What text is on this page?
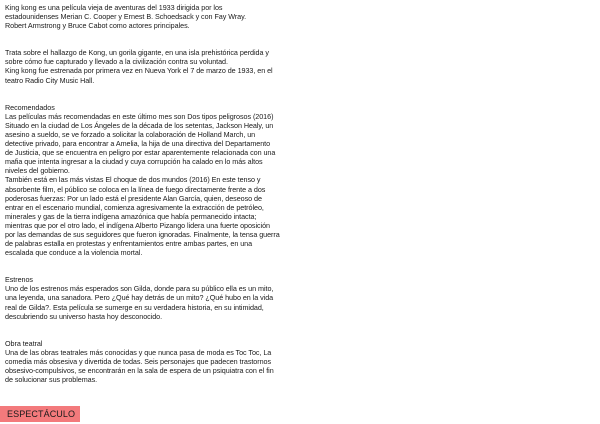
King kong es una película vieja de aventuras del 1933 dirigida por los
estadounidenses Merian C. Cooper y Ernest B. Schoedsack y con Fay Wray.
Robert Armstrong y Bruce Cabot como actores principales.

Trata sobre el hallazgo de Kong, un gorila gigante, en una isla prehistórica perdida y
sobre cómo fue capturado y llevado a la civilización contra su voluntad.
King kong fue estrenada por primera vez en Nueva York el 7 de marzo de 1933, en el
teatro Radio City Music Hall.

Recomendados

Las películas más recomendadas en este último mes son Dos tipos peligrosos (2016)
Situado en la ciudad de Los Ángeles de la década de los setentas, Jackson Healy, un
asesino a sueldo, se ve forzado a solicitar la colaboración de Holland March, un
detective privado, para encontrar a Amelia, la hija de una directiva del Departamento
de Justicia, que se encuentra en peligro por estar aparentemente relacionada con una
mafia que intenta ingresar a la ciudad y cuya corrupción ha calado en lo más altos
niveles del gobierno.

También está en las más vistas El choque de dos mundos (2016) En este tenso y
absorbente film, el público se coloca en la línea de fuego directamente frente a dos
poderosas fuerzas: Por un lado está el presidente Alan García, quien, deseoso de
entrar en el escenario mundial, comienza agresivamente la extracción de petróleo,
minerales y gas de la tierra indígena amazónica que había permanecido intacta;
mientras que por el otro lado, el indígena Alberto Pizango lidera una fuerte oposición
por las demandas de sus seguidores que fueron ignoradas. Finalmente, la tensa guerra
de palabras estalla en protestas y enfrentamientos entre ambas partes, en una
escalada que conduce a la violencia mortal.

Estrenos

Uno de los estrenos más esperados son Gilda, donde para su público ella es un mito,
una leyenda, una sanadora. Pero ¿Qué hay detrás de un mito? ¿Qué hubo en la vida
real de Gilda?. Esta película se sumerge en su verdadera historia, en su intimidad,
descubriendo su universo hasta hoy desconocido.

Obra teatral

Una de las obras teatrales más conocidas y que nunca pasa de moda es Toc Toc, La
comedia más obsesiva y divertida de todas. Seis personajes que padecen trastornos
obsesivo-compulsivos, se encontrarán en la sala de espera de un psiquiatra con el fin
de solucionar sus problemas.

ESPECTÁCULO
